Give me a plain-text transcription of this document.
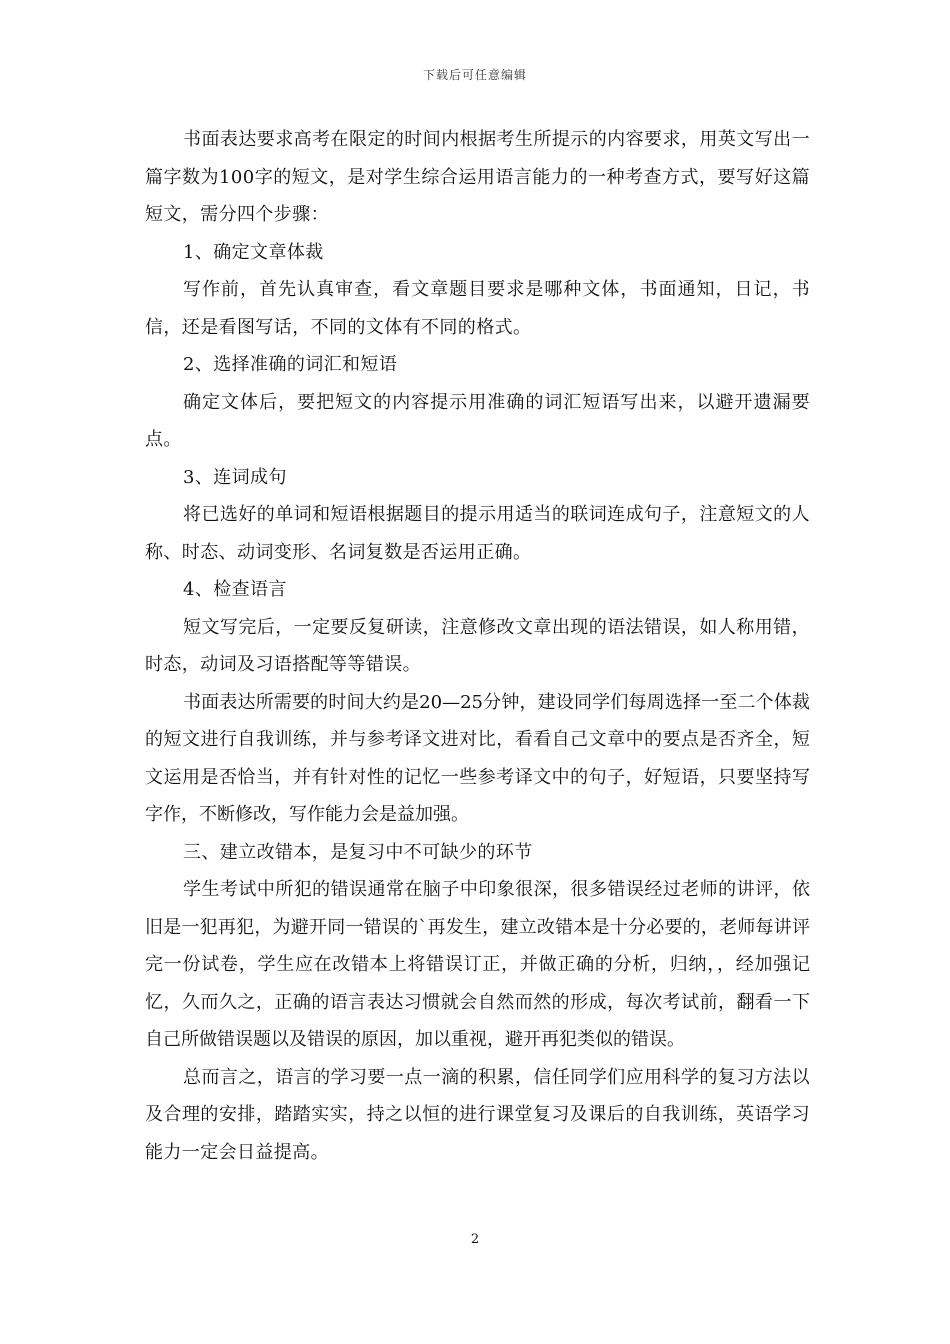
下载后可任意编辑

书面表达要求高考在限定的时间内根据考生所提示的内容要求，用英文写出一篇字数为100字的短文，是对学生综合运用语言能力的一种考查方式，要写好这篇短文，需分四个步骤：

1、确定文章体裁

写作前，首先认真审查，看文章题目要求是哪种文体，书面通知，日记，书信，还是看图写话，不同的文体有不同的格式。

2、选择准确的词汇和短语

确定文体后，要把短文的内容提示用准确的词汇短语写出来，以避开遗漏要点。

3、连词成句

将已选好的单词和短语根据题目的提示用适当的联词连成句子，注意短文的人称、时态、动词变形、名词复数是否运用正确。

4、检查语言

短文写完后，一定要反复研读，注意修改文章出现的语法错误，如人称用错，时态，动词及习语搭配等等错误。

书面表达所需要的时间大约是20—25分钟，建设同学们每周选择一至二个体裁的短文进行自我训练，并与参考译文进对比，看看自己文章中的要点是否齐全，短文运用是否恰当，并有针对性的记忆一些参考译文中的句子，好短语，只要坚持写字作，不断修改，写作能力会是益加强。

三、建立改错本，是复习中不可缺少的环节

学生考试中所犯的错误通常在脑子中印象很深，很多错误经过老师的讲评，依旧是一犯再犯，为避开同一错误的`再发生，建立改错本是十分必要的，老师每讲评完一份试卷，学生应在改错本上将错误订正，并做正确的分析，归纳，，经加强记忆，久而久之，正确的语言表达习惯就会自然而然的形成，每次考试前，翻看一下自己所做错误题以及错误的原因，加以重视，避开再犯类似的错误。

总而言之，语言的学习要一点一滴的积累，信任同学们应用科学的复习方法以及合理的安排，踏踏实实，持之以恒的进行课堂复习及课后的自我训练，英语学习能力一定会日益提高。

2
